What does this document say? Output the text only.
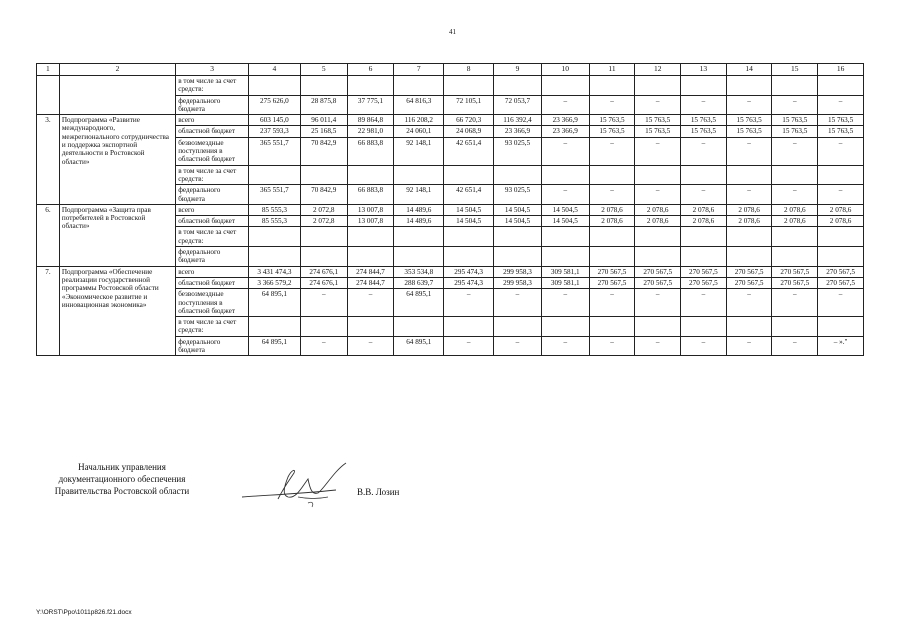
41
1	2	3	4	5	6	7	8	9	10	11	12	13	14	15	16
		в том числе за счет средств:													
		федерального бюджета	275 626,0	28 875,8	37 775,1	64 816,3	72 105,1	72 053,7	–	–	–	–	–	–	–
3.	Подпрограмма «Развитие международного, межрегионального сотрудничества и поддержка экспортной деятельности в Ростовской области»	всего	603 145,0	96 011,4	89 864,8	116 208,2	66 720,3	116 392,4	23 366,9	15 763,5	15 763,5	15 763,5	15 763,5	15 763,5	15 763,5
		областной бюджет	237 593,3	25 168,5	22 981,0	24 060,1	24 068,9	23 366,9	23 366,9	15 763,5	15 763,5	15 763,5	15 763,5	15 763,5	15 763,5
		безвозмездные поступления в областной бюджет	365 551,7	70 842,9	66 883,8	92 148,1	42 651,4	93 025,5	–	–	–	–	–	–	–
		в том числе за счет средств:													
		федерального бюджета	365 551,7	70 842,9	66 883,8	92 148,1	42 651,4	93 025,5	–	–	–	–	–	–	–
6.	Подпрограмма «Защита прав потребителей в Ростовской области»	всего	85 555,3	2 072,8	13 007,8	14 489,6	14 504,5	14 504,5	14 504,5	2 078,6	2 078,6	2 078,6	2 078,6	2 078,6	2 078,6
		областной бюджет	85 555,3	2 072,8	13 007,8	14 489,6	14 504,5	14 504,5	14 504,5	2 078,6	2 078,6	2 078,6	2 078,6	2 078,6	2 078,6
		в том числе за счет средств:													
		федерального бюджета													
7.	Подпрограмма «Обеспечение реализации государственной программы Ростовской области «Экономическое развитие и инновационная экономика»	всего	3 431 474,3	274 676,1	274 844,7	353 534,8	295 474,3	299 958,3	309 581,1	270 567,5	270 567,5	270 567,5	270 567,5	270 567,5	270 567,5
		областной бюджет	3 366 579,2	274 676,1	274 844,7	288 639,7	295 474,3	299 958,3	309 581,1	270 567,5	270 567,5	270 567,5	270 567,5	270 567,5	270 567,5
		безвозмездные поступления в областной бюджет	64 895,1	–	–	64 895,1	–	–	–	–	–	–	–	–	–
		в том числе за счет средств:													
		федерального бюджета	64 895,1	–	–	64 895,1	–	–	–	–	–	–	–	–	– »."
Начальник управления
документационного обеспечения
Правительства Ростовской области	В.В. Лозин
Y:\ORST\Ppo\1011p826.f21.docx
